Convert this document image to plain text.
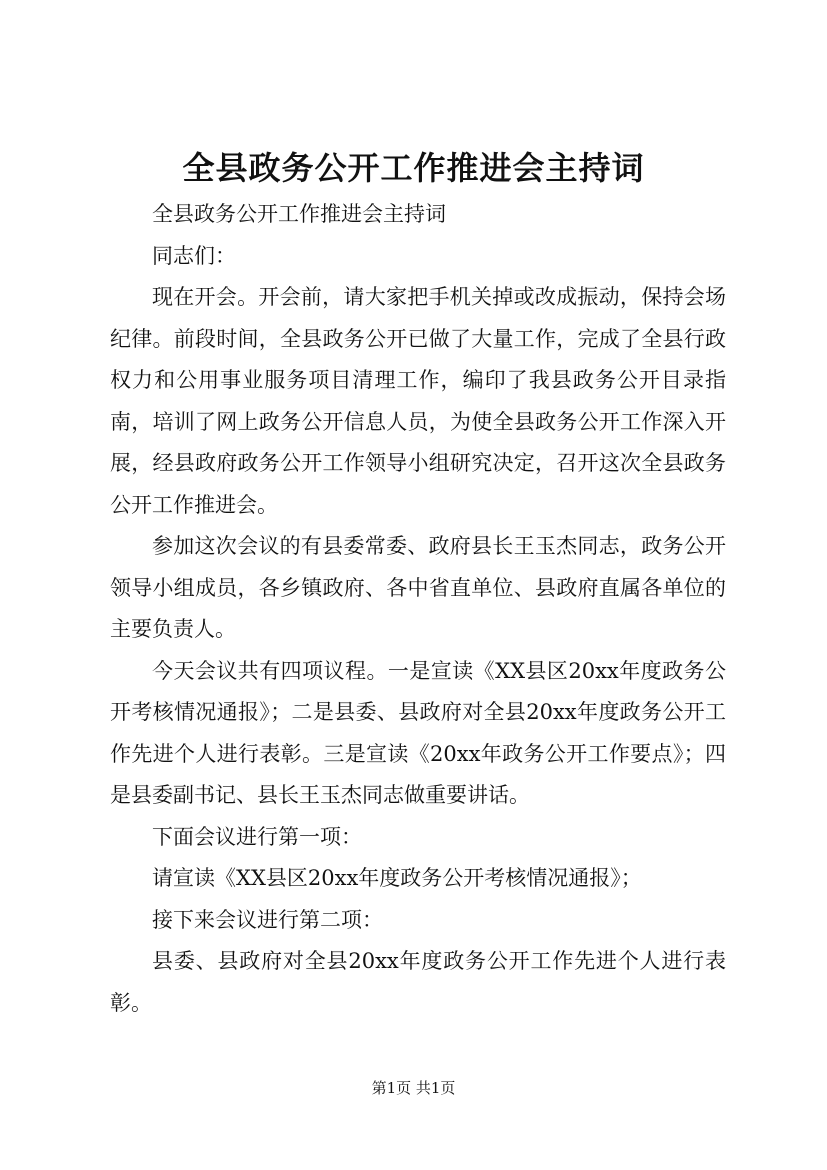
全县政务公开工作推进会主持词

全县政务公开工作推进会主持词

同志们：

现在开会。开会前，请大家把手机关掉或改成振动，保持会场纪律。前段时间，全县政务公开已做了大量工作，完成了全县行政权力和公用事业服务项目清理工作，编印了我县政务公开目录指南，培训了网上政务公开信息人员，为使全县政务公开工作深入开展，经县政府政务公开工作领导小组研究决定，召开这次全县政务公开工作推进会。

参加这次会议的有县委常委、政府县长王玉杰同志，政务公开领导小组成员，各乡镇政府、各中省直单位、县政府直属各单位的主要负责人。

今天会议共有四项议程。一是宣读《XX县区20xx年度政务公开考核情况通报》；二是县委、县政府对全县20xx年度政务公开工作先进个人进行表彰。三是宣读《20xx年政务公开工作要点》；四是县委副书记、县长王玉杰同志做重要讲话。

下面会议进行第一项：

请宣读《XX县区20xx年度政务公开考核情况通报》；

接下来会议进行第二项：

县委、县政府对全县20xx年度政务公开工作先进个人进行表彰。

第1页 共1页
